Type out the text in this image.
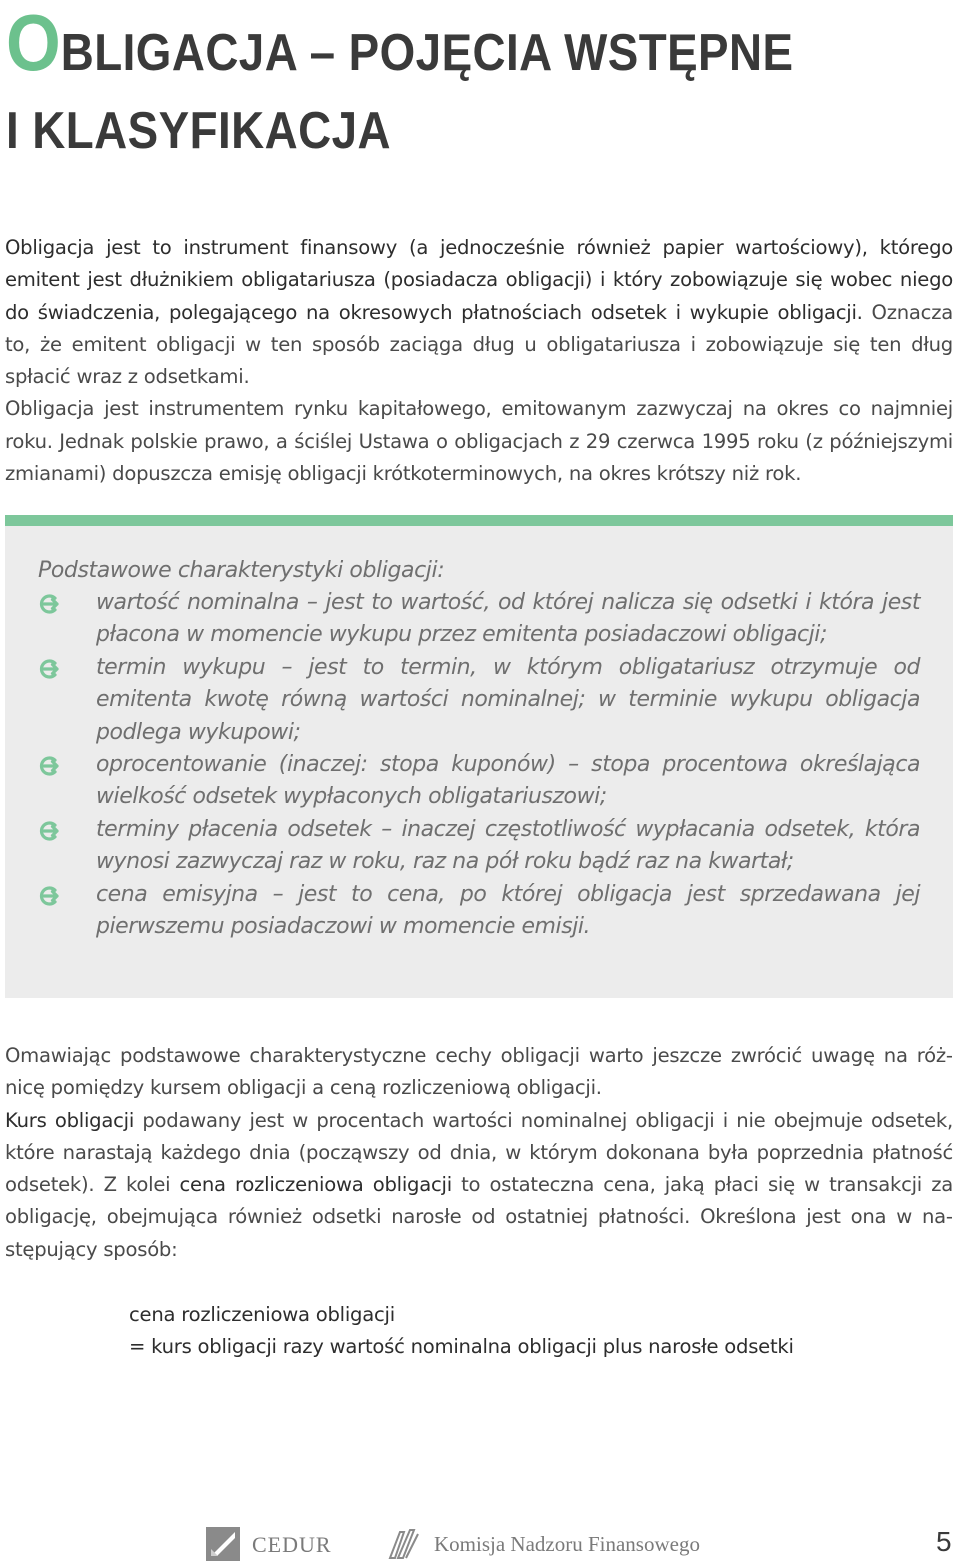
OBLIGACJA – POJĘCIA WSTĘPNE
I KLASYFIKACJA

Obligacja jest to instrument finansowy (a jednocześnie również papier wartościowy), którego emitent jest dłużnikiem obligatariusza (posiadacza obligacji) i który zobowiązuje się wobec niego do świadczenia, polegającego na okresowych płatnościach odsetek i wykupie obligacji. Oznacza to, że emitent obligacji w ten sposób zaciąga dług u obligatariusza i zobowiązuje się ten dług spłacić wraz z odsetkami.

Obligacja jest instrumentem rynku kapitałowego, emitowanym zazwyczaj na okres co najmniej roku. Jednak polskie prawo, a ściślej Ustawa o obligacjach z 29 czerwca 1995 roku (z późniejszymi zmianami) dopuszcza emisję obligacji krótkoterminowych, na okres krótszy niż rok.

Podstawowe charakterystyki obligacji:
wartość nominalna – jest to wartość, od której nalicza się odsetki i która jest płacona w momencie wykupu przez emitenta posiadaczowi obligacji;
termin wykupu – jest to termin, w którym obligatariusz otrzymuje od emitenta kwotę równą wartości nominalnej; w terminie wykupu obligacja podlega wykupowi;
oprocentowanie (inaczej: stopa kuponów) – stopa procentowa określająca wielkość odsetek wypłaconych obligatariuszowi;
terminy płacenia odsetek – inaczej częstotliwość wypłacania odsetek, która wynosi zazwyczaj raz w roku, raz na pół roku bądź raz na kwartał;
cena emisyjna – jest to cena, po której obligacja jest sprzedawana jej pierwszemu posiadaczowi w momencie emisji.

Omawiając podstawowe charakterystyczne cechy obligacji warto jeszcze zwrócić uwagę na różnicę pomiędzy kursem obligacji a ceną rozliczeniową obligacji.

Kurs obligacji podawany jest w procentach wartości nominalnej obligacji i nie obejmuje odsetek, które narastają każdego dnia (począwszy od dnia, w którym dokonana była poprzednia płatność odsetek). Z kolei cena rozliczeniowa obligacji to ostateczna cena, jaką płaci się w transakcji za obligację, obejmująca również odsetki narosłe od ostatniej płatności. Określona jest ona w następujący sposób:

cena rozliczeniowa obligacji
= kurs obligacji razy wartość nominalna obligacji plus narosłe odsetki
CEDUR	Komisja Nadzoru Finansowego	5
